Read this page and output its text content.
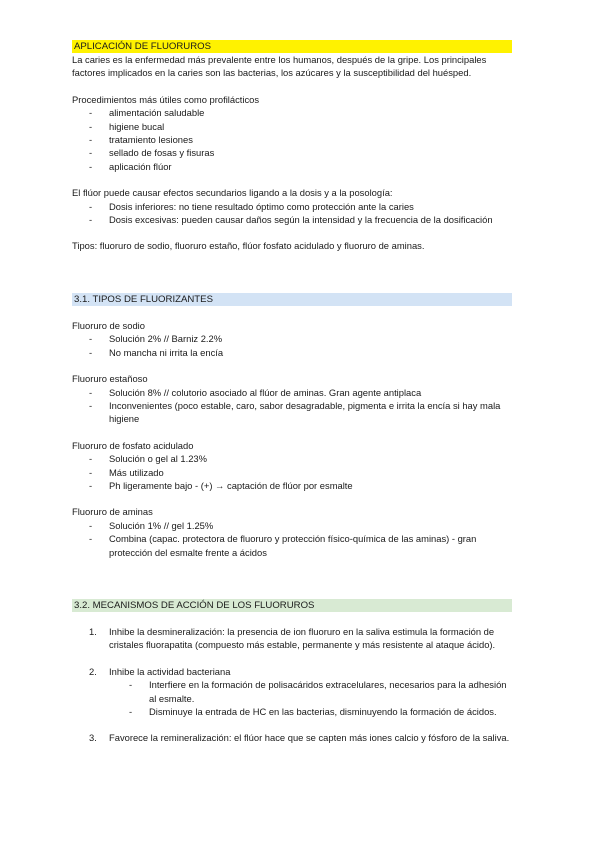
APLICACIÓN DE FLUORUROS

La caries es la enfermedad más prevalente entre los humanos, después de la gripe. Los principales factores implicados en la caries son las bacterias, los azúcares y la susceptibilidad del huésped.

Procedimientos más útiles como profilácticos

- alimentación saludable
- higiene bucal
- tratamiento lesiones
- sellado de fosas y fisuras
- aplicación flúor

El flúor puede causar efectos secundarios ligando a la dosis y a la posología:

- Dosis inferiores: no tiene resultado óptimo como protección ante la caries
- Dosis excesivas: pueden causar daños según la intensidad y la frecuencia de la dosificación

Tipos: fluoruro de sodio, fluoruro estaño, flúor fosfato acidulado y fluoruro de aminas.

3.1. TIPOS DE FLUORIZANTES

Fluoruro de sodio

- Solución 2% // Barniz 2.2%
- No mancha ni irrita la encía

Fluoruro estañoso

- Solución 8% // colutorio asociado al flúor de aminas. Gran agente antiplaca
- Inconvenientes (poco estable, caro, sabor desagradable, pigmenta e irrita la encía si hay mala higiene

Fluoruro de fosfato acidulado

- Solución o gel al 1.23%
- Más utilizado
- Ph ligeramente bajo - (+) → captación de flúor por esmalte

Fluoruro de aminas

- Solución 1% // gel 1.25%
- Combina (capac. protectora de fluoruro y protección físico-química de las aminas) - gran protección del esmalte frente a ácidos
3.2. MECANISMOS DE ACCIÓN DE LOS FLUORUROS
1. Inhibe la desmineralización: la presencia de ion fluoruro en la saliva estimula la formación de cristales fluorapatita (compuesto más estable, permanente y más resistente al ataque ácido).
2. Inhibe la actividad bacteriana
- Interfiere en la formación de polisacáridos extracelulares, necesarios para la adhesión al esmalte.
- Disminuye la entrada de HC en las bacterias, disminuyendo la formación de ácidos.
3. Favorece la remineralización: el flúor hace que se capten más iones calcio y fósforo de la saliva.
